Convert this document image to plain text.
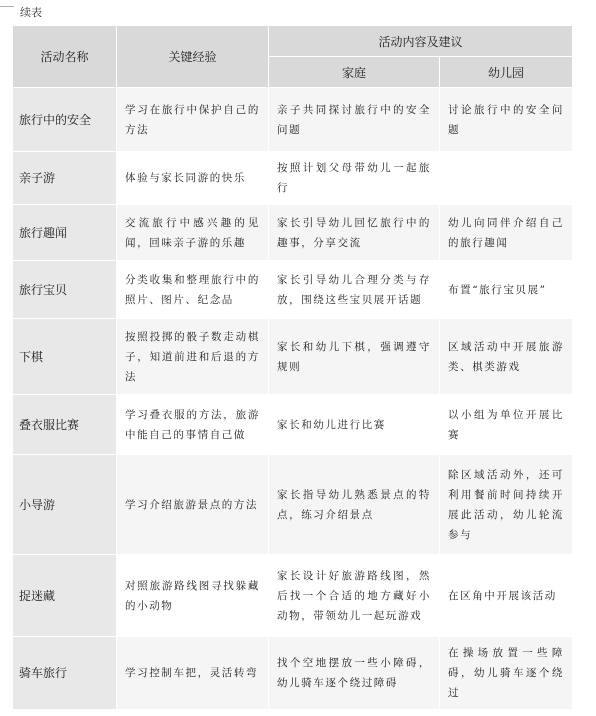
续表
活动名称	关键经验	活动内容及建议	
		家庭	幼儿园
旅行中的安全	学习在旅行中保护自己的方法	亲子共同探讨旅行中的安全问题	讨论旅行中的安全问题
亲子游	体验与家长同游的快乐	按照计划父母带幼儿一起旅行	
旅行趣闻	交流旅行中感兴趣的见闻，回味亲子游的乐趣	家长引导幼儿回忆旅行中的趣事，分享交流	幼儿向同伴介绍自己的旅行趣闻
旅行宝贝	分类收集和整理旅行中的照片、图片、纪念品	家长引导幼儿合理分类与存放，围绕这些宝贝展开话题	布置“旅行宝贝展”
下棋	按照投掷的骰子数走动棋子，知道前进和后退的方法	家长和幼儿下棋，强调遵守规则	区域活动中开展旅游类、棋类游戏
叠衣服比赛	学习叠衣服的方法，旅游中能自己的事情自己做	家长和幼儿进行比赛	以小组为单位开展比赛
小导游	学习介绍旅游景点的方法	家长指导幼儿熟悉景点的特点，练习介绍景点	除区域活动外，还可利用餐前时间持续开展此活动，幼儿轮流参与
捉迷藏	对照旅游路线图寻找躲藏的小动物	家长设计好旅游路线图，然后找一个合适的地方藏好小动物，带领幼儿一起玩游戏	在区角中开展该活动
骑车旅行	学习控制车把，灵活转弯	找个空地摆放一些小障碍，幼儿骑车逐个绕过障碍	在操场放置一些障碍，幼儿骑车逐个绕过
